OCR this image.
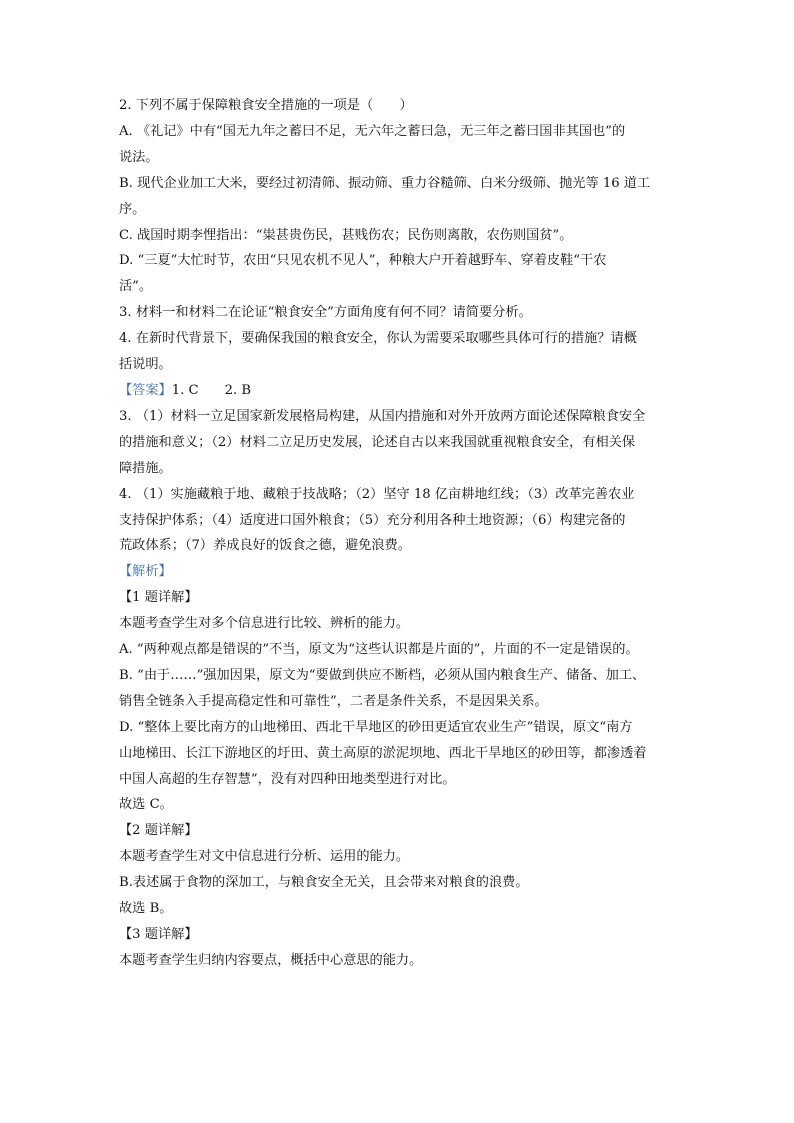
2. 下列不属于保障粮食安全措施的一项是（　　）
A. 《礼记》中有“国无九年之蓄曰不足，无六年之蓄曰急，无三年之蓄曰国非其国也”的
说法。
B. 现代企业加工大米，要经过初清筛、振动筛、重力谷糙筛、白米分级筛、抛光等 16 道工
序。
C. 战国时期李悝指出：“粜甚贵伤民，甚贱伤农；民伤则离散，农伤则国贫”。
D. “三夏”大忙时节，农田“只见农机不见人”，种粮大户开着越野车、穿着皮鞋“干农
活”。
3. 材料一和材料二在论证“粮食安全”方面角度有何不同？请简要分析。
4. 在新时代背景下，要确保我国的粮食安全，你认为需要采取哪些具体可行的措施？请概
括说明。
【答案】1. C 2. B
3. （1）材料一立足国家新发展格局构建，从国内措施和对外开放两方面论述保障粮食安全
的措施和意义；（2）材料二立足历史发展，论述自古以来我国就重视粮食安全，有相关保
障措施。
4. （1）实施藏粮于地、藏粮于技战略；（2）坚守 18 亿亩耕地红线；（3）改革完善农业
支持保护体系；（4）适度进口国外粮食；（5）充分利用各种土地资源；（6）构建完备的
荒政体系；（7）养成良好的饭食之德，避免浪费。
【解析】
【1 题详解】
本题考查学生对多个信息进行比较、辨析的能力。
A. “两种观点都是错误的”不当，原文为“这些认识都是片面的”，片面的不一定是错误的。
B. “由于……”强加因果，原文为“要做到供应不断档，必须从国内粮食生产、储备、加工、
销售全链条入手提高稳定性和可靠性”，二者是条件关系，不是因果关系。
D. “整体上要比南方的山地梯田、西北干旱地区的砂田更适宜农业生产”错误，原文“南方
山地梯田、长江下游地区的圩田、黄土高原的淤泥坝地、西北干旱地区的砂田等，都渗透着
中国人高超的生存智慧”，没有对四种田地类型进行对比。
故选 C。
【2 题详解】
本题考查学生对文中信息进行分析、运用的能力。
B.表述属于食物的深加工，与粮食安全无关，且会带来对粮食的浪费。
故选 B。
【3 题详解】
本题考查学生归纳内容要点，概括中心意思的能力。
